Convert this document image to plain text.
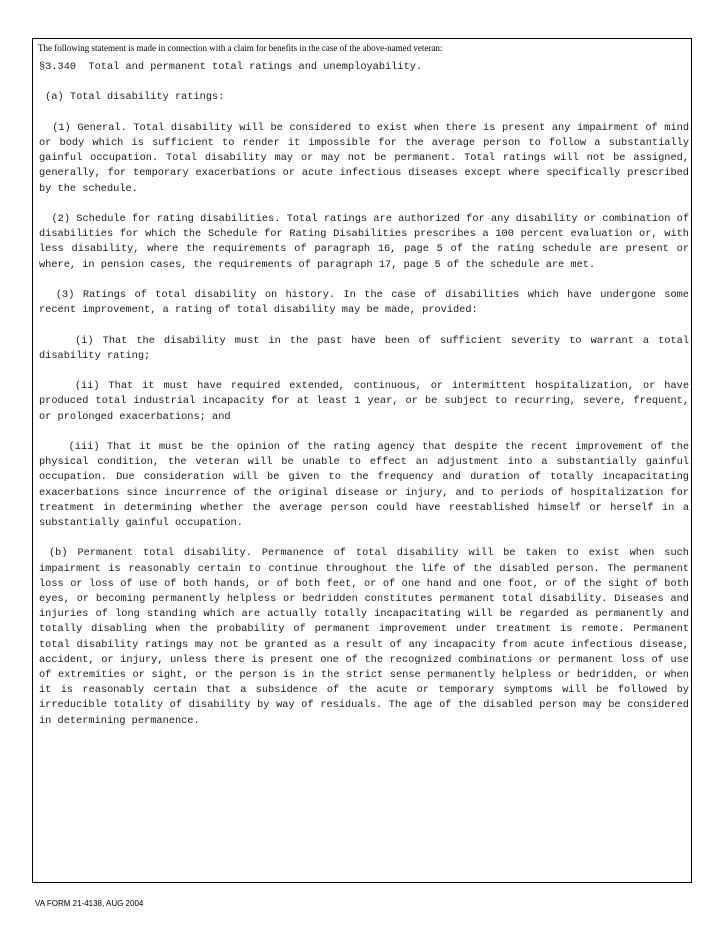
The following statement is made in connection with a claim for benefits in the case of the above-named veteran:
§3.340  Total and permanent total ratings and unemployability.
(a) Total disability ratings:
(1) General. Total disability will be considered to exist when there is present any impairment of mind or body which is sufficient to render it impossible for the average person to follow a substantially gainful occupation. Total disability may or may not be permanent. Total ratings will not be assigned, generally, for temporary exacerbations or acute infectious diseases except where specifically prescribed by the schedule.
(2) Schedule for rating disabilities. Total ratings are authorized for any disability or combination of disabilities for which the Schedule for Rating Disabilities prescribes a 100 percent evaluation or, with less disability, where the requirements of paragraph 16, page 5 of the rating schedule are present or where, in pension cases, the requirements of paragraph 17, page 5 of the schedule are met.
(3) Ratings of total disability on history. In the case of disabilities which have undergone some recent improvement, a rating of total disability may be made, provided:
(i) That the disability must in the past have been of sufficient severity to warrant a total disability rating;
(ii) That it must have required extended, continuous, or intermittent hospitalization, or have produced total industrial incapacity for at least 1 year, or be subject to recurring, severe, frequent, or prolonged exacerbations; and
(iii) That it must be the opinion of the rating agency that despite the recent improvement of the physical condition, the veteran will be unable to effect an adjustment into a substantially gainful occupation. Due consideration will be given to the frequency and duration of totally incapacitating exacerbations since incurrence of the original disease or injury, and to periods of hospitalization for treatment in determining whether the average person could have reestablished himself or herself in a substantially gainful occupation.
(b) Permanent total disability. Permanence of total disability will be taken to exist when such impairment is reasonably certain to continue throughout the life of the disabled person. The permanent loss or loss of use of both hands, or of both feet, or of one hand and one foot, or of the sight of both eyes, or becoming permanently helpless or bedridden constitutes permanent total disability. Diseases and injuries of long standing which are actually totally incapacitating will be regarded as permanently and totally disabling when the probability of permanent improvement under treatment is remote. Permanent total disability ratings may not be granted as a result of any incapacity from acute infectious disease, accident, or injury, unless there is present one of the recognized combinations or permanent loss of use of extremities or sight, or the person is in the strict sense permanently helpless or bedridden, or when it is reasonably certain that a subsidence of the acute or temporary symptoms will be followed by irreducible totality of disability by way of residuals. The age of the disabled person may be considered in determining permanence.
VA FORM 21-4138, AUG 2004
